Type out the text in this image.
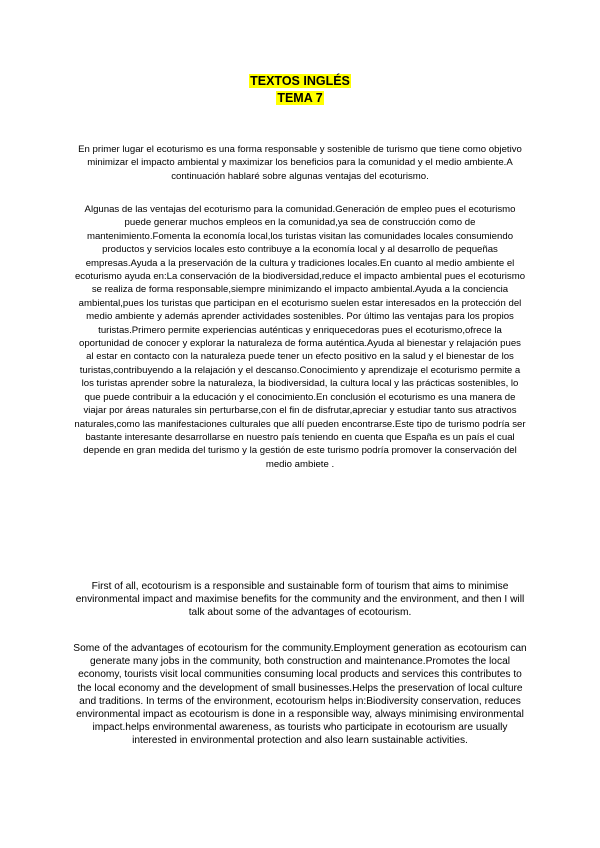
TEXTOS INGLÉS
TEMA 7

En primer lugar el ecoturismo es una forma responsable y sostenible de turismo que tiene como objetivo minimizar el impacto ambiental y maximizar los beneficios para la comunidad y el medio ambiente.A continuación hablaré sobre algunas ventajas del ecoturismo.

Algunas de las ventajas del ecoturismo para la comunidad.Generación de empleo pues el ecoturismo puede generar muchos empleos en la comunidad,ya sea de construcción como de mantenimiento.Fomenta la economía local,los turistas visitan las comunidades locales consumiendo productos y servicios locales esto contribuye a la economía local y al desarrollo de pequeñas empresas.Ayuda a la preservación de la cultura y tradiciones locales.En cuanto al medio ambiente el ecoturismo ayuda en:La conservación de la biodiversidad,reduce el impacto ambiental pues el ecoturismo se realiza de forma responsable,siempre minimizando el impacto ambiental.Ayuda a la conciencia ambiental,pues los turistas que participan en el ecoturismo suelen estar interesados en la protección del medio ambiente y además aprender actividades sostenibles. Por último las ventajas para los propios turistas.Primero permite experiencias auténticas y enriquecedoras pues el ecoturismo,ofrece la oportunidad de conocer y explorar la naturaleza de forma auténtica.Ayuda al bienestar y relajación pues al estar en contacto con la naturaleza puede tener un efecto positivo en la salud y el bienestar de los turistas,contribuyendo a la relajación y el descanso.Conocimiento y aprendizaje el ecoturismo permite a los turistas aprender sobre la naturaleza, la biodiversidad, la cultura local y las prácticas sostenibles, lo que puede contribuir a la educación y el conocimiento.En conclusión el ecoturismo es una manera de viajar por áreas naturales sin perturbarse,con el fin de disfrutar,apreciar y estudiar tanto sus atractivos naturales,como las manifestaciones culturales que allí pueden encontrarse.Este tipo de turismo podría ser bastante interesante desarrollarse en nuestro país teniendo en cuenta que España es un país el cual depende en gran medida del turismo y la gestión de este turismo podría promover la conservación del medio ambiete .

First of all, ecotourism is a responsible and sustainable form of tourism that aims to minimise environmental impact and maximise benefits for the community and the environment, and then I will talk about some of the advantages of ecotourism.

Some of the advantages of ecotourism for the community.Employment generation as ecotourism can generate many jobs in the community, both construction and maintenance.Promotes the local economy, tourists visit local communities consuming local products and services this contributes to the local economy and the development of small businesses.Helps the preservation of local culture and traditions. In terms of the environment, ecotourism helps in:Biodiversity conservation, reduces environmental impact as ecotourism is done in a responsible way, always minimising environmental impact.helps environmental awareness, as tourists who participate in ecotourism are usually interested in environmental protection and also learn sustainable activities.
